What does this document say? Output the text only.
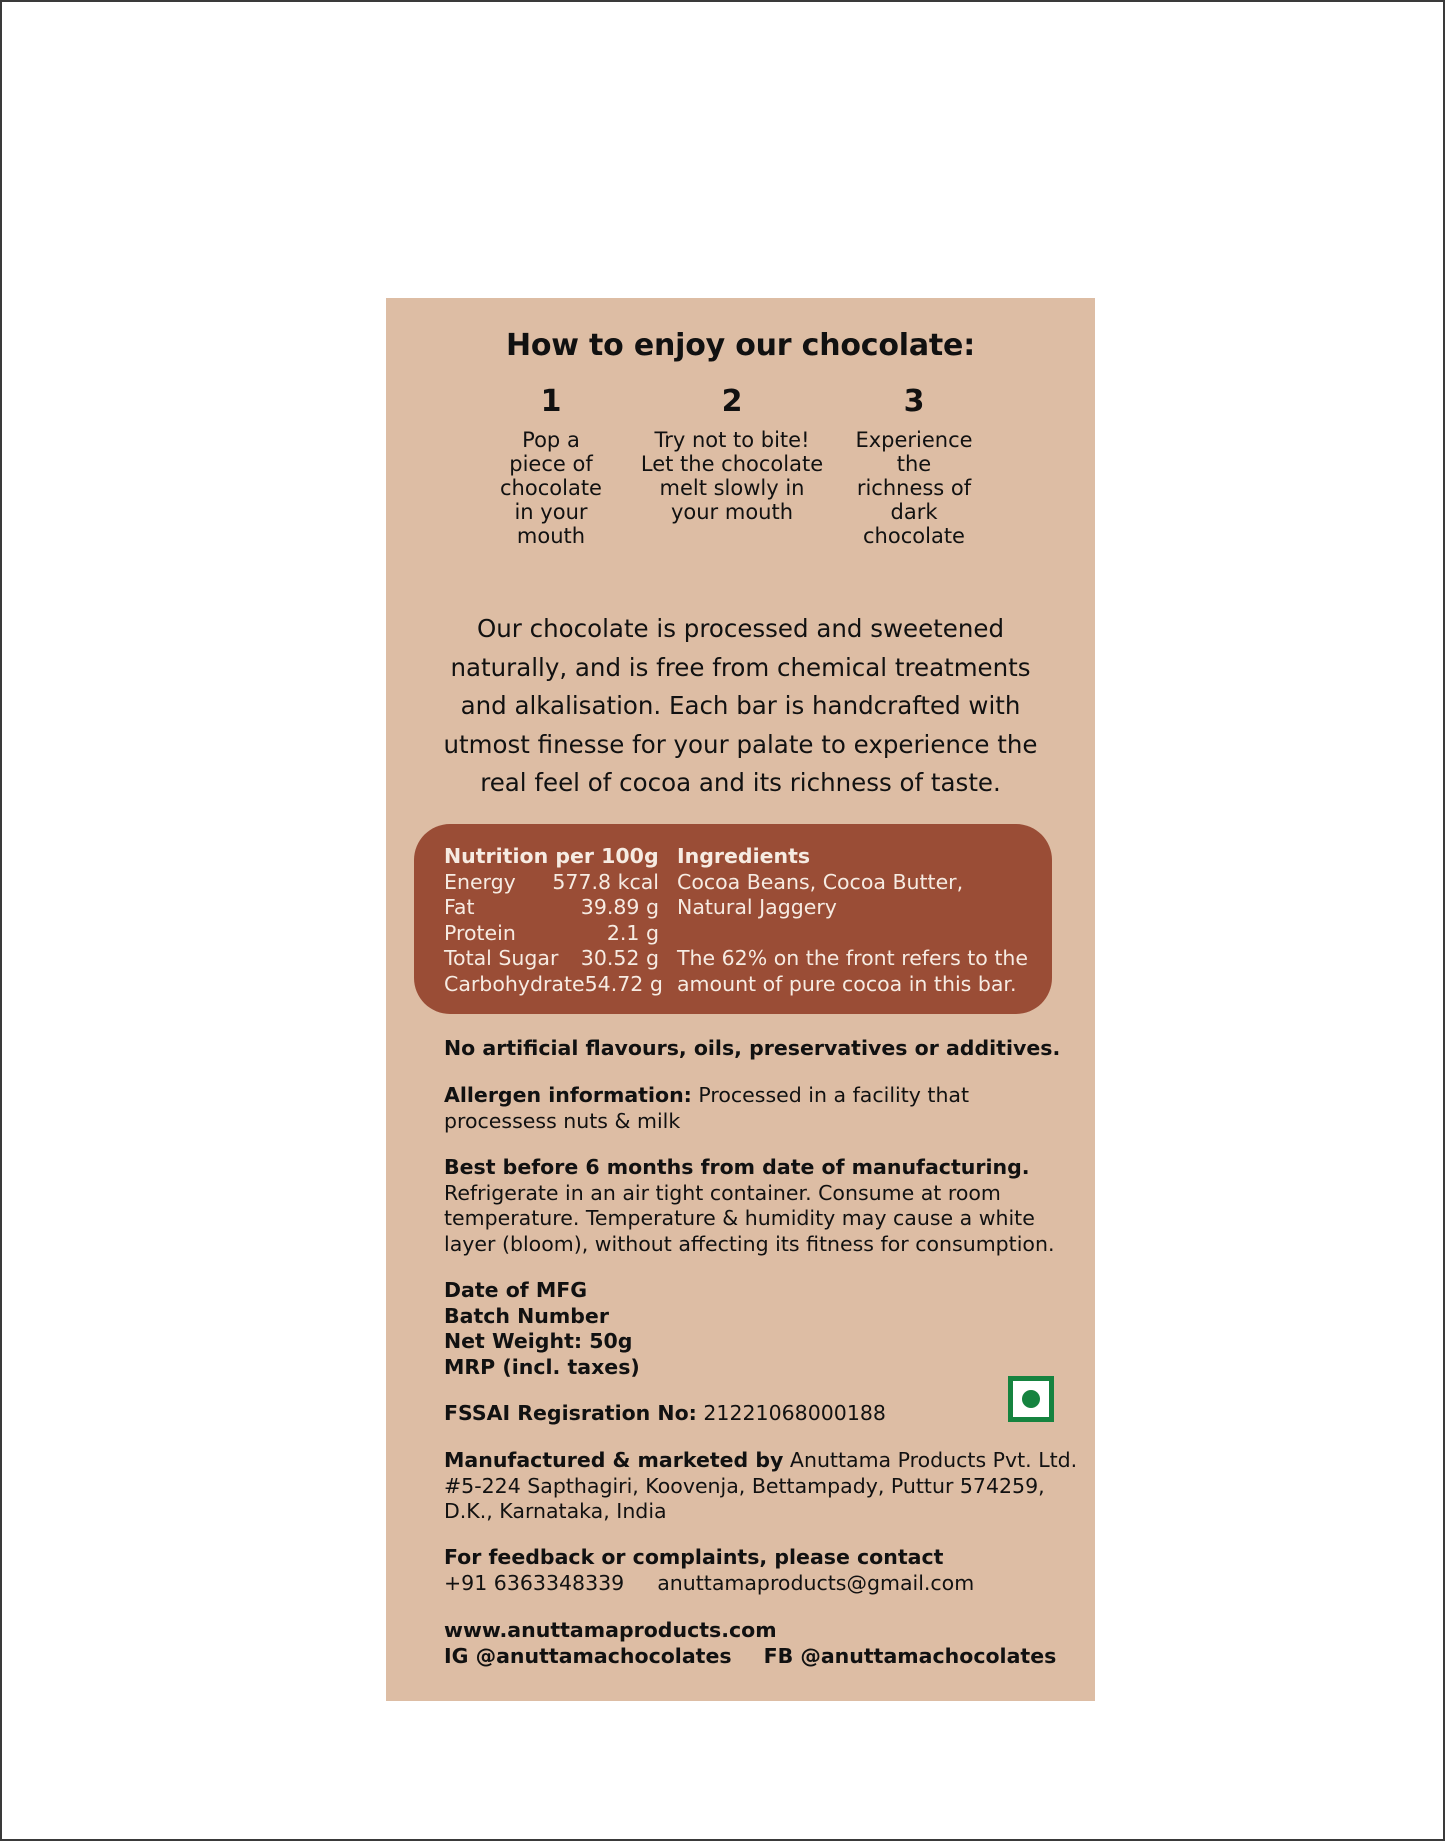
How to enjoy our chocolate:
1
Pop a piece of chocolate in your mouth
2
Try not to bite! Let the chocolate melt slowly in your mouth
3
Experience the richness of dark chocolate
Our chocolate is processed and sweetened naturally, and is free from chemical treatments and alkalisation. Each bar is handcrafted with utmost finesse for your palate to experience the real feel of cocoa and its richness of taste.
Nutrition per 100g
Energy 577.8 kcal
Fat	39.89 g
Protein	2.1 g
Total Sugar 30.52 g
Carbohydrate 54.72 g
Ingredients
Cocoa Beans, Cocoa Butter,
Natural Jaggery
The 62% on the front refers to the
amount of pure cocoa in this bar.
No artificial flavours, oils, preservatives or additives.
Allergen information: Processed in a facility that
processess nuts & milk
Best before 6 months from date of manufacturing.
Refrigerate in an air tight container. Consume at room
temperature. Temperature & humidity may cause a white
layer (bloom), without affecting its fitness for consumption.
Date of MFG
Batch Number
Net Weight: 50g
MRP (incl. taxes)
FSSAI Regisration No: 21221068000188
Manufactured & marketed by Anuttama Products Pvt. Ltd.
#5-224 Sapthagiri, Koovenja, Bettampady, Puttur 574259,
D.K., Karnataka, India
For feedback or complaints, please contact
+91 6363348339 anuttamaproducts@gmail.com
www.anuttamaproducts.com
IG @anuttamachocolates FB @anuttamachocolates
